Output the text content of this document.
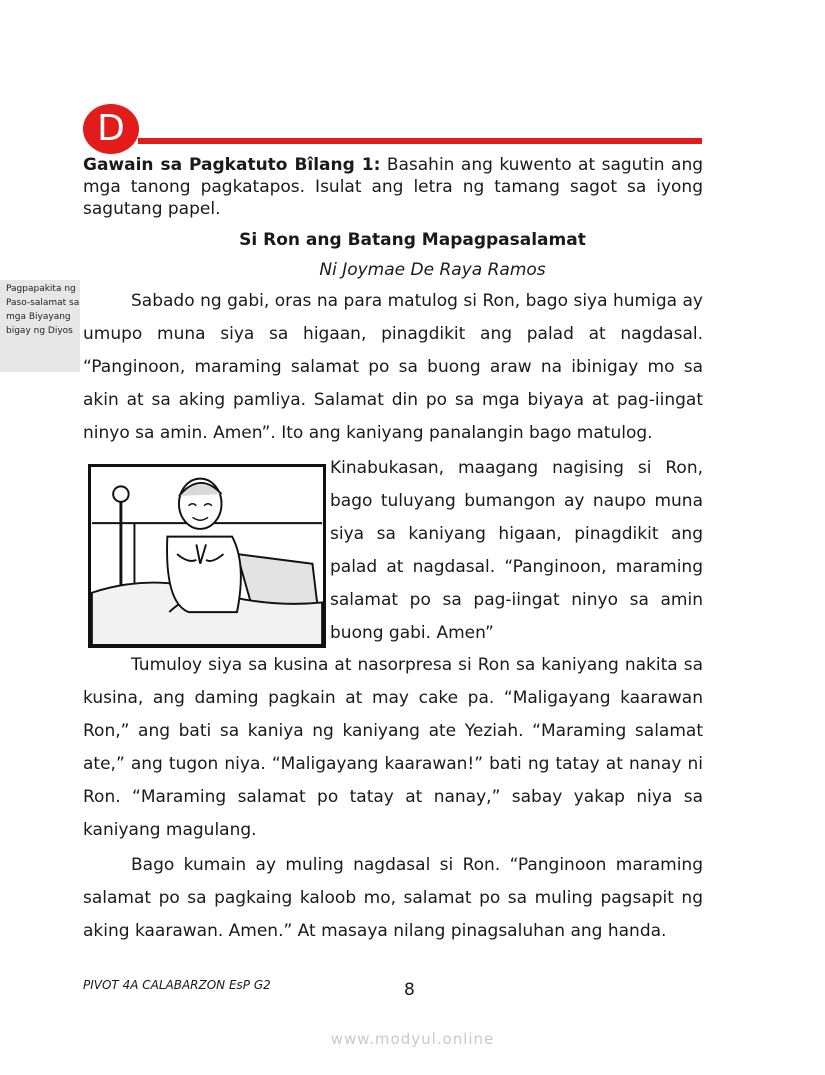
D
Gawain sa Pagkatuto Bîlang 1: Basahin ang kuwento at sagutin ang mga tanong pagkatapos. Isulat ang letra ng tamang sagot sa iyong sagutang papel.
Si Ron ang Batang Mapagpasalamat
Ni Joymae De Raya Ramos
Pagpapakita ng Paso-salamat sa mga Biyayang bigay ng Diyos
Sabado ng gabi, oras na para matulog si Ron, bago siya humiga ay umupo muna siya sa higaan, pinagdikit ang palad at nagdasal. “Panginoon, maraming salamat po sa buong araw na ibinigay mo sa akin at sa aking pamliya. Salamat din po sa mga biyaya at pag-iingat ninyo sa amin. Amen”. Ito ang kaniyang panalangin bago matulog.
Kinabukasan, maagang nagising si Ron, bago tuluyang bumangon ay naupo muna siya sa kaniyang higaan, pinagdikit ang palad at nagdasal. “Panginoon, maraming salamat po sa pag-iingat ninyo sa amin buong gabi. Amen”
Tumuloy siya sa kusina at nasorpresa si Ron sa kaniyang nakita sa kusina, ang daming pagkain at may cake pa. “Maligayang kaarawan Ron,” ang bati sa kaniya ng kaniyang ate Yeziah. “Maraming salamat ate,” ang tugon niya. “Maligayang kaarawan!” bati ng tatay at nanay ni Ron. “Maraming salamat po tatay at nanay,” sabay yakap niya sa kaniyang magulang.
Bago kumain ay muling nagdasal si Ron. “Panginoon maraming salamat po sa pagkaing kaloob mo, salamat po sa muling pagsapit ng aking kaarawan. Amen.” At masaya nilang pinagsaluhan ang handa.
PIVOT 4A CALABARZON EsP G2	8
www.modyul.online
